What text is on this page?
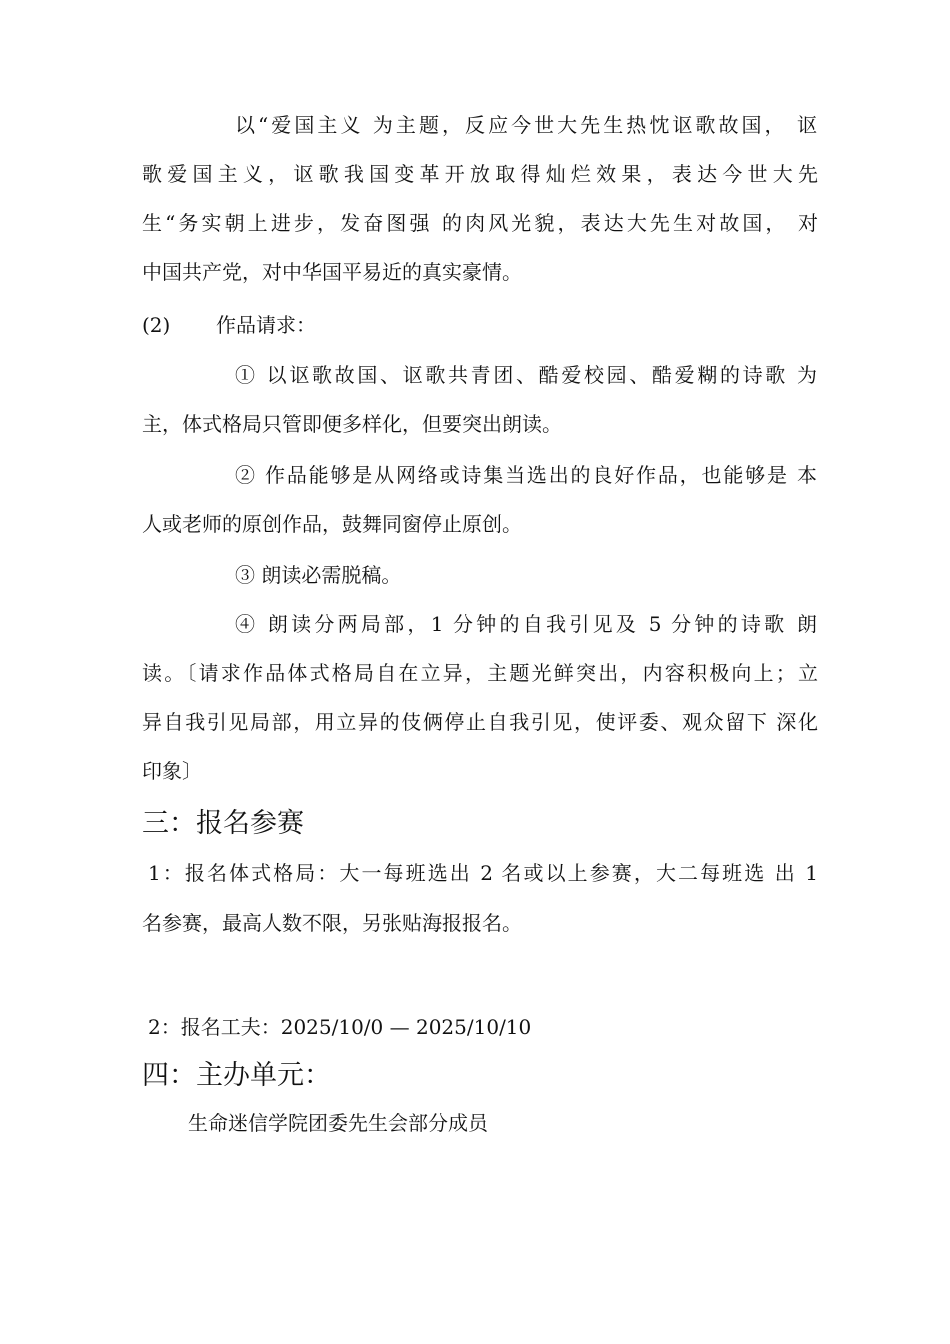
以“爱国主义 为主题，反应今世大先生热忱讴歌故国， 讴
歌爱国主义，讴歌我国变革开放取得灿烂效果，表达今世大先
生“务实朝上进步，发奋图强 的肉风光貌，表达大先生对故国， 对
中国共产党，对中华国平易近的真实豪情。
(2) 作品请求：
① 以讴歌故国、讴歌共青团、酷爱校园、酷爱糊的诗歌 为
主，体式格局只管即便多样化，但要突出朗读。
② 作品能够是从网络或诗集当选出的良好作品，也能够是 本
人或老师的原创作品，鼓舞同窗停止原创。
③ 朗读必需脱稿。
④ 朗读分两局部，1 分钟的自我引见及 5 分钟的诗歌 朗
读。〔请求作品体式格局自在立异，主题光鲜突出，内容积极向上；立
异自我引见局部，用立异的伎俩停止自我引见，使评委、观众留下 深化
印象〕
三：报名参赛
1：报名体式格局：大一每班选出 2 名或以上参赛，大二每班选 出 1
名参赛，最高人数不限，另张贴海报报名。
2：报名工夫：2025/10/0 — 2025/10/10
四：主办单元：
生命迷信学院团委先生会部分成员
